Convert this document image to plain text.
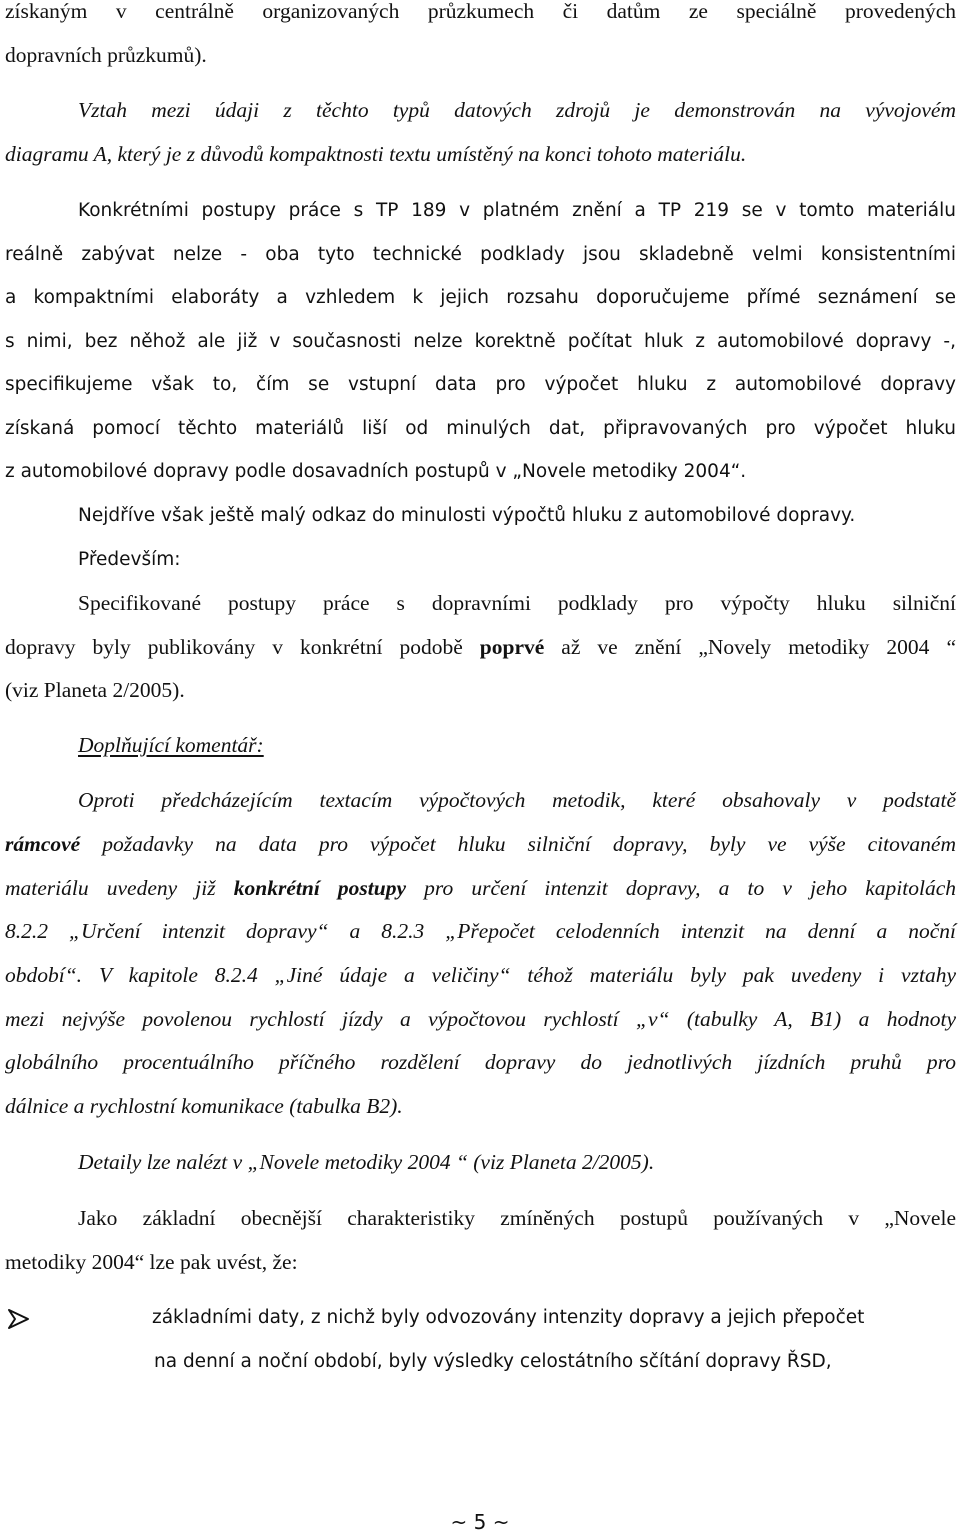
získaným v centrálně organizovaných průzkumech či datům ze speciálně provedených
dopravních průzkumů).
Vztah mezi údaji z těchto typů datových zdrojů je demonstrován na vývojovém
diagramu A, který je z důvodů kompaktnosti textu umístěný na konci tohoto materiálu.
Konkrétními postupy práce s TP 189 v platném znění a TP 219 se v tomto materiálu
reálně zabývat nelze - oba tyto technické podklady jsou skladebně velmi konsistentními
a kompaktními elaboráty a vzhledem k jejich rozsahu doporučujeme přímé seznámení se
s nimi, bez něhož ale již v současnosti nelze korektně počítat hluk z automobilové dopravy -,
specifikujeme však to, čím se vstupní data pro výpočet hluku z automobilové dopravy
získaná pomocí těchto materiálů liší od minulých dat, připravovaných pro výpočet hluku
z automobilové dopravy podle dosavadních postupů v „Novele metodiky 2004“.
Nejdříve však ještě malý odkaz do minulosti výpočtů hluku z automobilové dopravy.
Především:
Specifikované postupy práce s dopravními podklady pro výpočty hluku silniční
dopravy byly publikovány v konkrétní podobě poprvé až ve znění „Novely metodiky 2004 “
(viz Planeta 2/2005).
Doplňující komentář:
Oproti předcházejícím textacím výpočtových metodik, které obsahovaly v podstatě
rámcové požadavky na data pro výpočet hluku silniční dopravy, byly ve výše citovaném
materiálu uvedeny již konkrétní postupy pro určení intenzit dopravy, a to v jeho kapitolách
8.2.2 „Určení intenzit dopravy“ a 8.2.3 „Přepočet celodenních intenzit na denní a noční
období“. V kapitole 8.2.4 „Jiné údaje a veličiny“ téhož materiálu byly pak uvedeny i vztahy
mezi nejvýše povolenou rychlostí jízdy a výpočtovou rychlostí „v“ (tabulky A, B1) a hodnoty
globálního procentuálního příčného rozdělení dopravy do jednotlivých jízdních pruhů pro
dálnice a rychlostní komunikace (tabulka B2).
Detaily lze nalézt v „Novele metodiky 2004 “ (viz Planeta 2/2005).
Jako základní obecnější charakteristiky zmíněných postupů používaných v „Novele
metodiky 2004“ lze pak uvést, že:
základními daty, z nichž byly odvozovány intenzity dopravy a jejich přepočet
na denní a noční období, byly výsledky celostátního sčítání dopravy ŘSD,
~ 5 ~
